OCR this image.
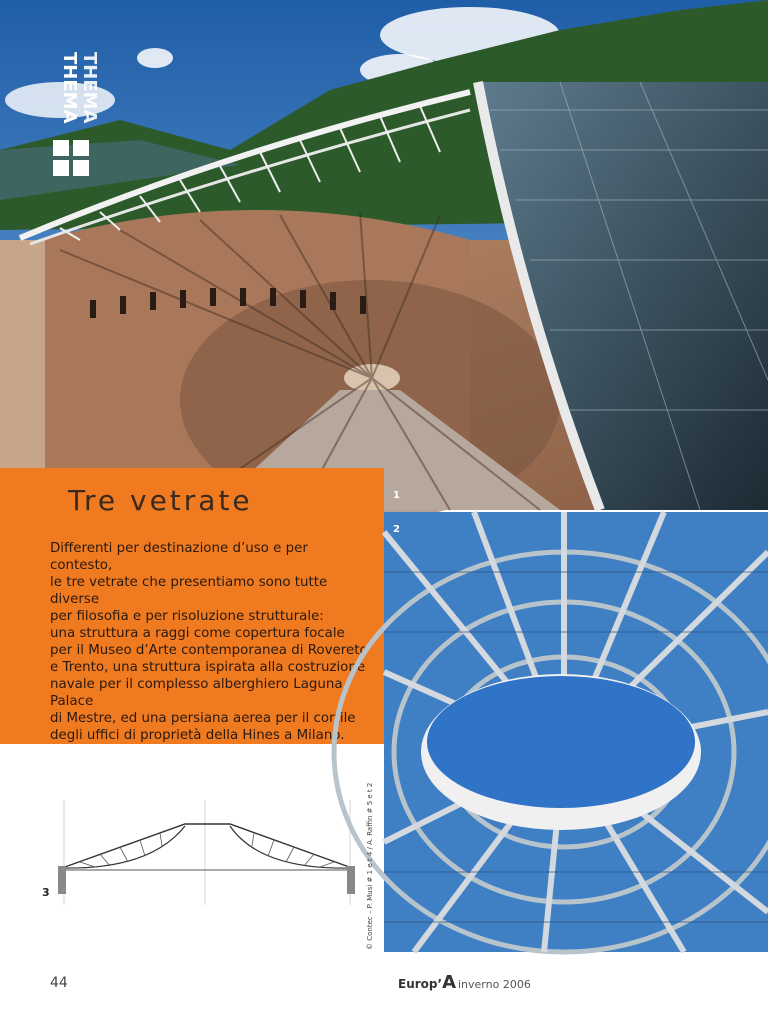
THEMA THEMA
Tre vetrate
Differenti per destinazione d’uso e per contesto,
le tre vetrate che presentiamo sono tutte diverse
per filosofia e per risoluzione strutturale:
una struttura a raggi come copertura focale
per il Museo d’Arte contemporanea di Rovereto
e Trento, una struttura ispirata alla costruzione
navale per il complesso alberghiero Laguna Palace
di Mestre, ed una persiana aerea per il cortile
degli uffici di proprietà della Hines a Milano.
1
2
3	© Contec – P. Musi # 1 e t 4 / A. Raffin # 5 e t 2
44	Europ’A inverno 2006
